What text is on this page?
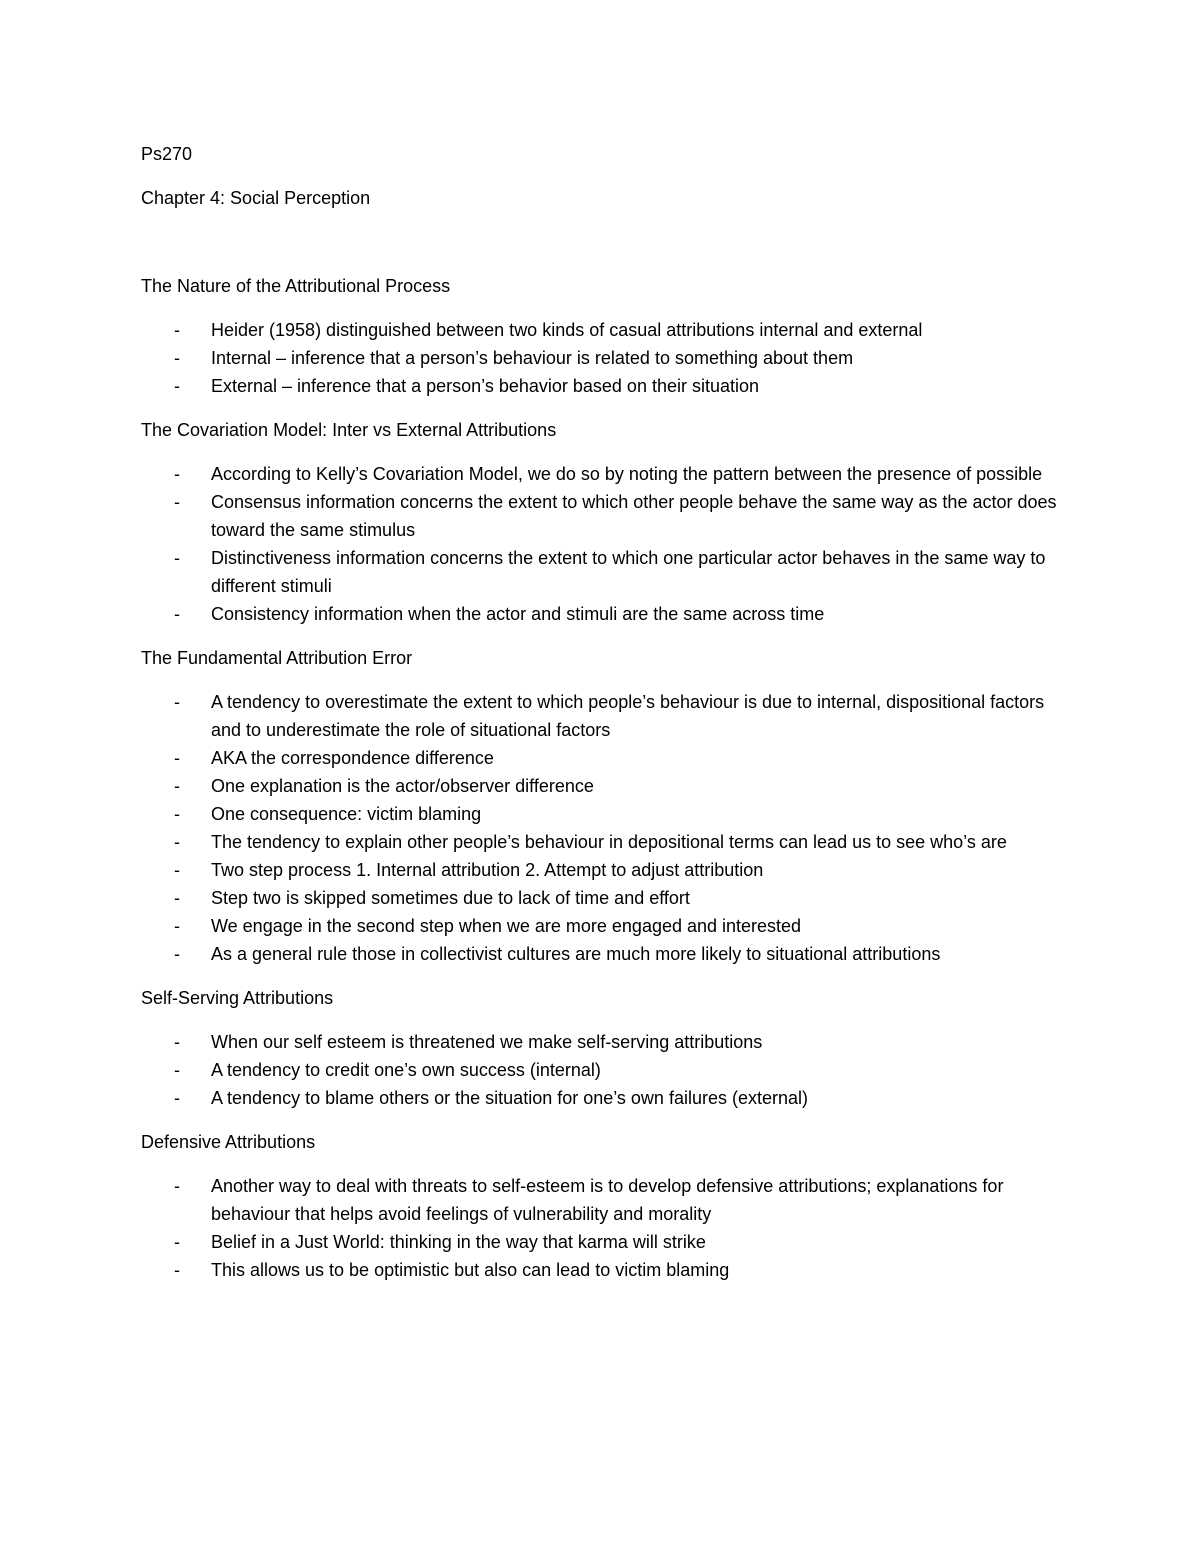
Ps270

Chapter 4: Social Perception

The Nature of the Attributional Process

- Heider (1958) distinguished between two kinds of casual attributions internal and external
- Internal – inference that a person’s behaviour is related to something about them
- External – inference that a person’s behavior based on their situation

The Covariation Model: Inter vs External Attributions

- According to Kelly’s Covariation Model, we do so by noting the pattern between the presence of possible
- Consensus information concerns the extent to which other people behave the same way as the actor does toward the same stimulus
- Distinctiveness information concerns the extent to which one particular actor behaves in the same way to different stimuli
- Consistency information when the actor and stimuli are the same across time

The Fundamental Attribution Error

- A tendency to overestimate the extent to which people’s behaviour is due to internal, dispositional factors and to underestimate the role of situational factors
- AKA the correspondence difference
- One explanation is the actor/observer difference
- One consequence: victim blaming
- The tendency to explain other people’s behaviour in depositional terms can lead us to see who’s are
- Two step process 1. Internal attribution 2. Attempt to adjust attribution
- Step two is skipped sometimes due to lack of time and effort
- We engage in the second step when we are more engaged and interested
- As a general rule those in collectivist cultures are much more likely to situational attributions

Self-Serving Attributions

- When our self esteem is threatened we make self-serving attributions
- A tendency to credit one’s own success (internal)
- A tendency to blame others or the situation for one’s own failures (external)

Defensive Attributions

- Another way to deal with threats to self-esteem is to develop defensive attributions; explanations for behaviour that helps avoid feelings of vulnerability and morality
- Belief in a Just World: thinking in the way that karma will strike
- This allows us to be optimistic but also can lead to victim blaming
